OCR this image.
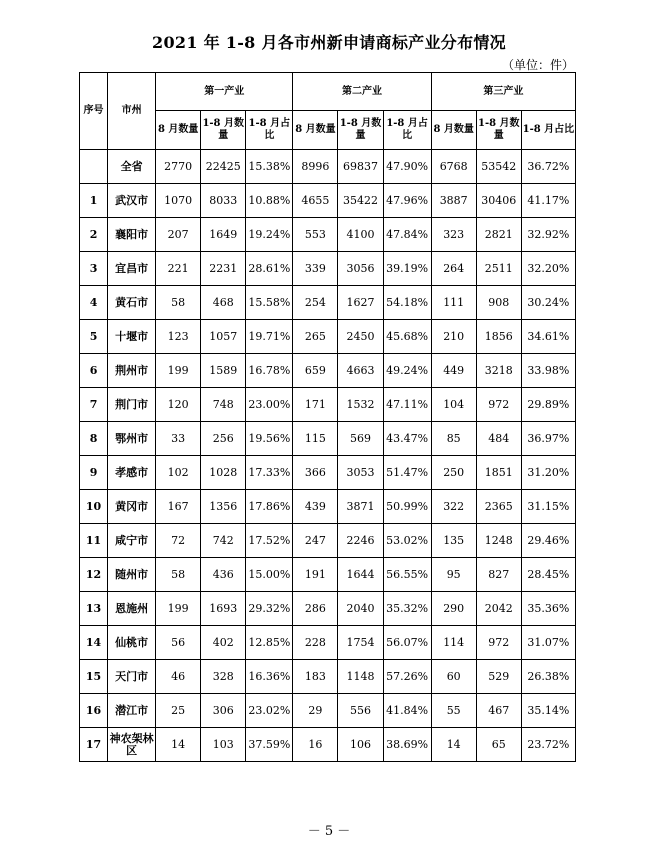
2021 年 1-8 月各市州新申请商标产业分布情况
（单位：件）
序号	市州	第一产业			第二产业			第三产业		
		8 月数量	1-8 月数量	1-8 月占比	8 月数量	1-8 月数量	1-8 月占比	8 月数量	1-8 月数量	1-8 月占比
	全省	2770	22425	15.38%	8996	69837	47.90%	6768	53542	36.72%
1	武汉市	1070	8033	10.88%	4655	35422	47.96%	3887	30406	41.17%
2	襄阳市	207	1649	19.24%	553	4100	47.84%	323	2821	32.92%
3	宜昌市	221	2231	28.61%	339	3056	39.19%	264	2511	32.20%
4	黄石市	58	468	15.58%	254	1627	54.18%	111	908	30.24%
5	十堰市	123	1057	19.71%	265	2450	45.68%	210	1856	34.61%
6	荆州市	199	1589	16.78%	659	4663	49.24%	449	3218	33.98%
7	荆门市	120	748	23.00%	171	1532	47.11%	104	972	29.89%
8	鄂州市	33	256	19.56%	115	569	43.47%	85	484	36.97%
9	孝感市	102	1028	17.33%	366	3053	51.47%	250	1851	31.20%
10	黄冈市	167	1356	17.86%	439	3871	50.99%	322	2365	31.15%
11	咸宁市	72	742	17.52%	247	2246	53.02%	135	1248	29.46%
12	随州市	58	436	15.00%	191	1644	56.55%	95	827	28.45%
13	恩施州	199	1693	29.32%	286	2040	35.32%	290	2042	35.36%
14	仙桃市	56	402	12.85%	228	1754	56.07%	114	972	31.07%
15	天门市	46	328	16.36%	183	1148	57.26%	60	529	26.38%
16	潜江市	25	306	23.02%	29	556	41.84%	55	467	35.14%
17	神农架林区	14	103	37.59%	16	106	38.69%	14	65	23.72%
－ 5 －
